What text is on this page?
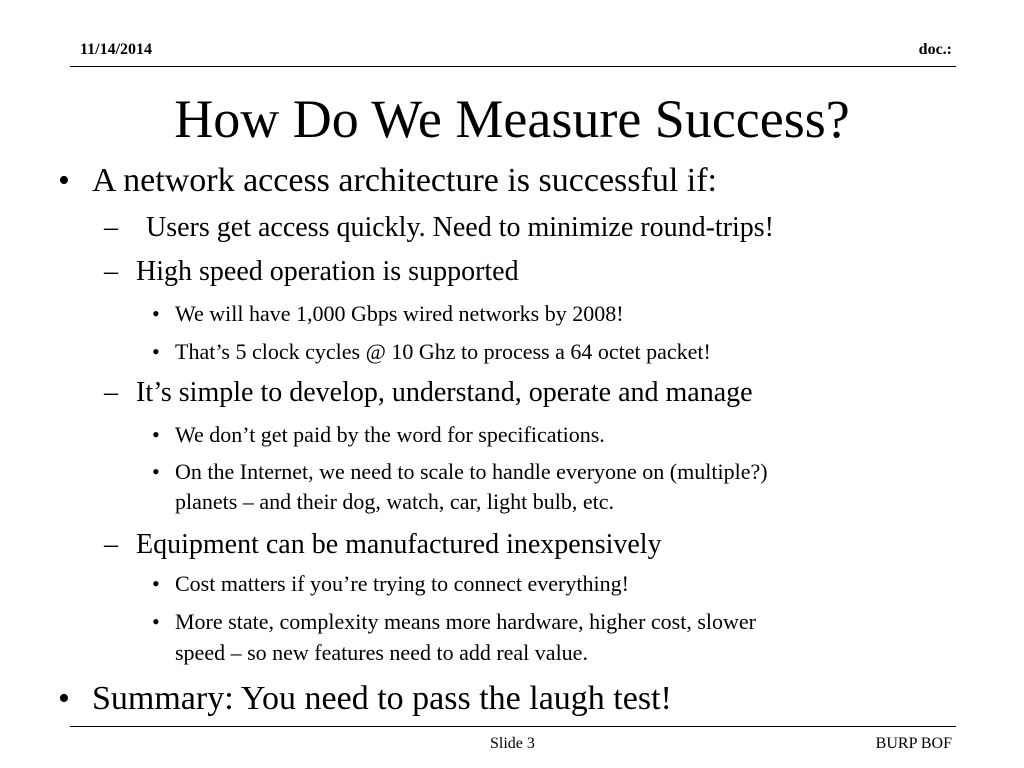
11/14/2014	doc.:
How Do We Measure Success?
• A network access architecture is successful if:
– Users get access quickly. Need to minimize round-trips!
– High speed operation is supported
• We will have 1,000 Gbps wired networks by 2008!
• That’s 5 clock cycles @ 10 Ghz to process a 64 octet packet!
– It’s simple to develop, understand, operate and manage
• We don’t get paid by the word for specifications.
• On the Internet, we need to scale to handle everyone on (multiple?)
planets – and their dog, watch, car, light bulb, etc.
– Equipment can be manufactured inexpensively
• Cost matters if you’re trying to connect everything!
• More state, complexity means more hardware, higher cost, slower
speed – so new features need to add real value.
• Summary: You need to pass the laugh test!
Slide 3	BURP BOF
